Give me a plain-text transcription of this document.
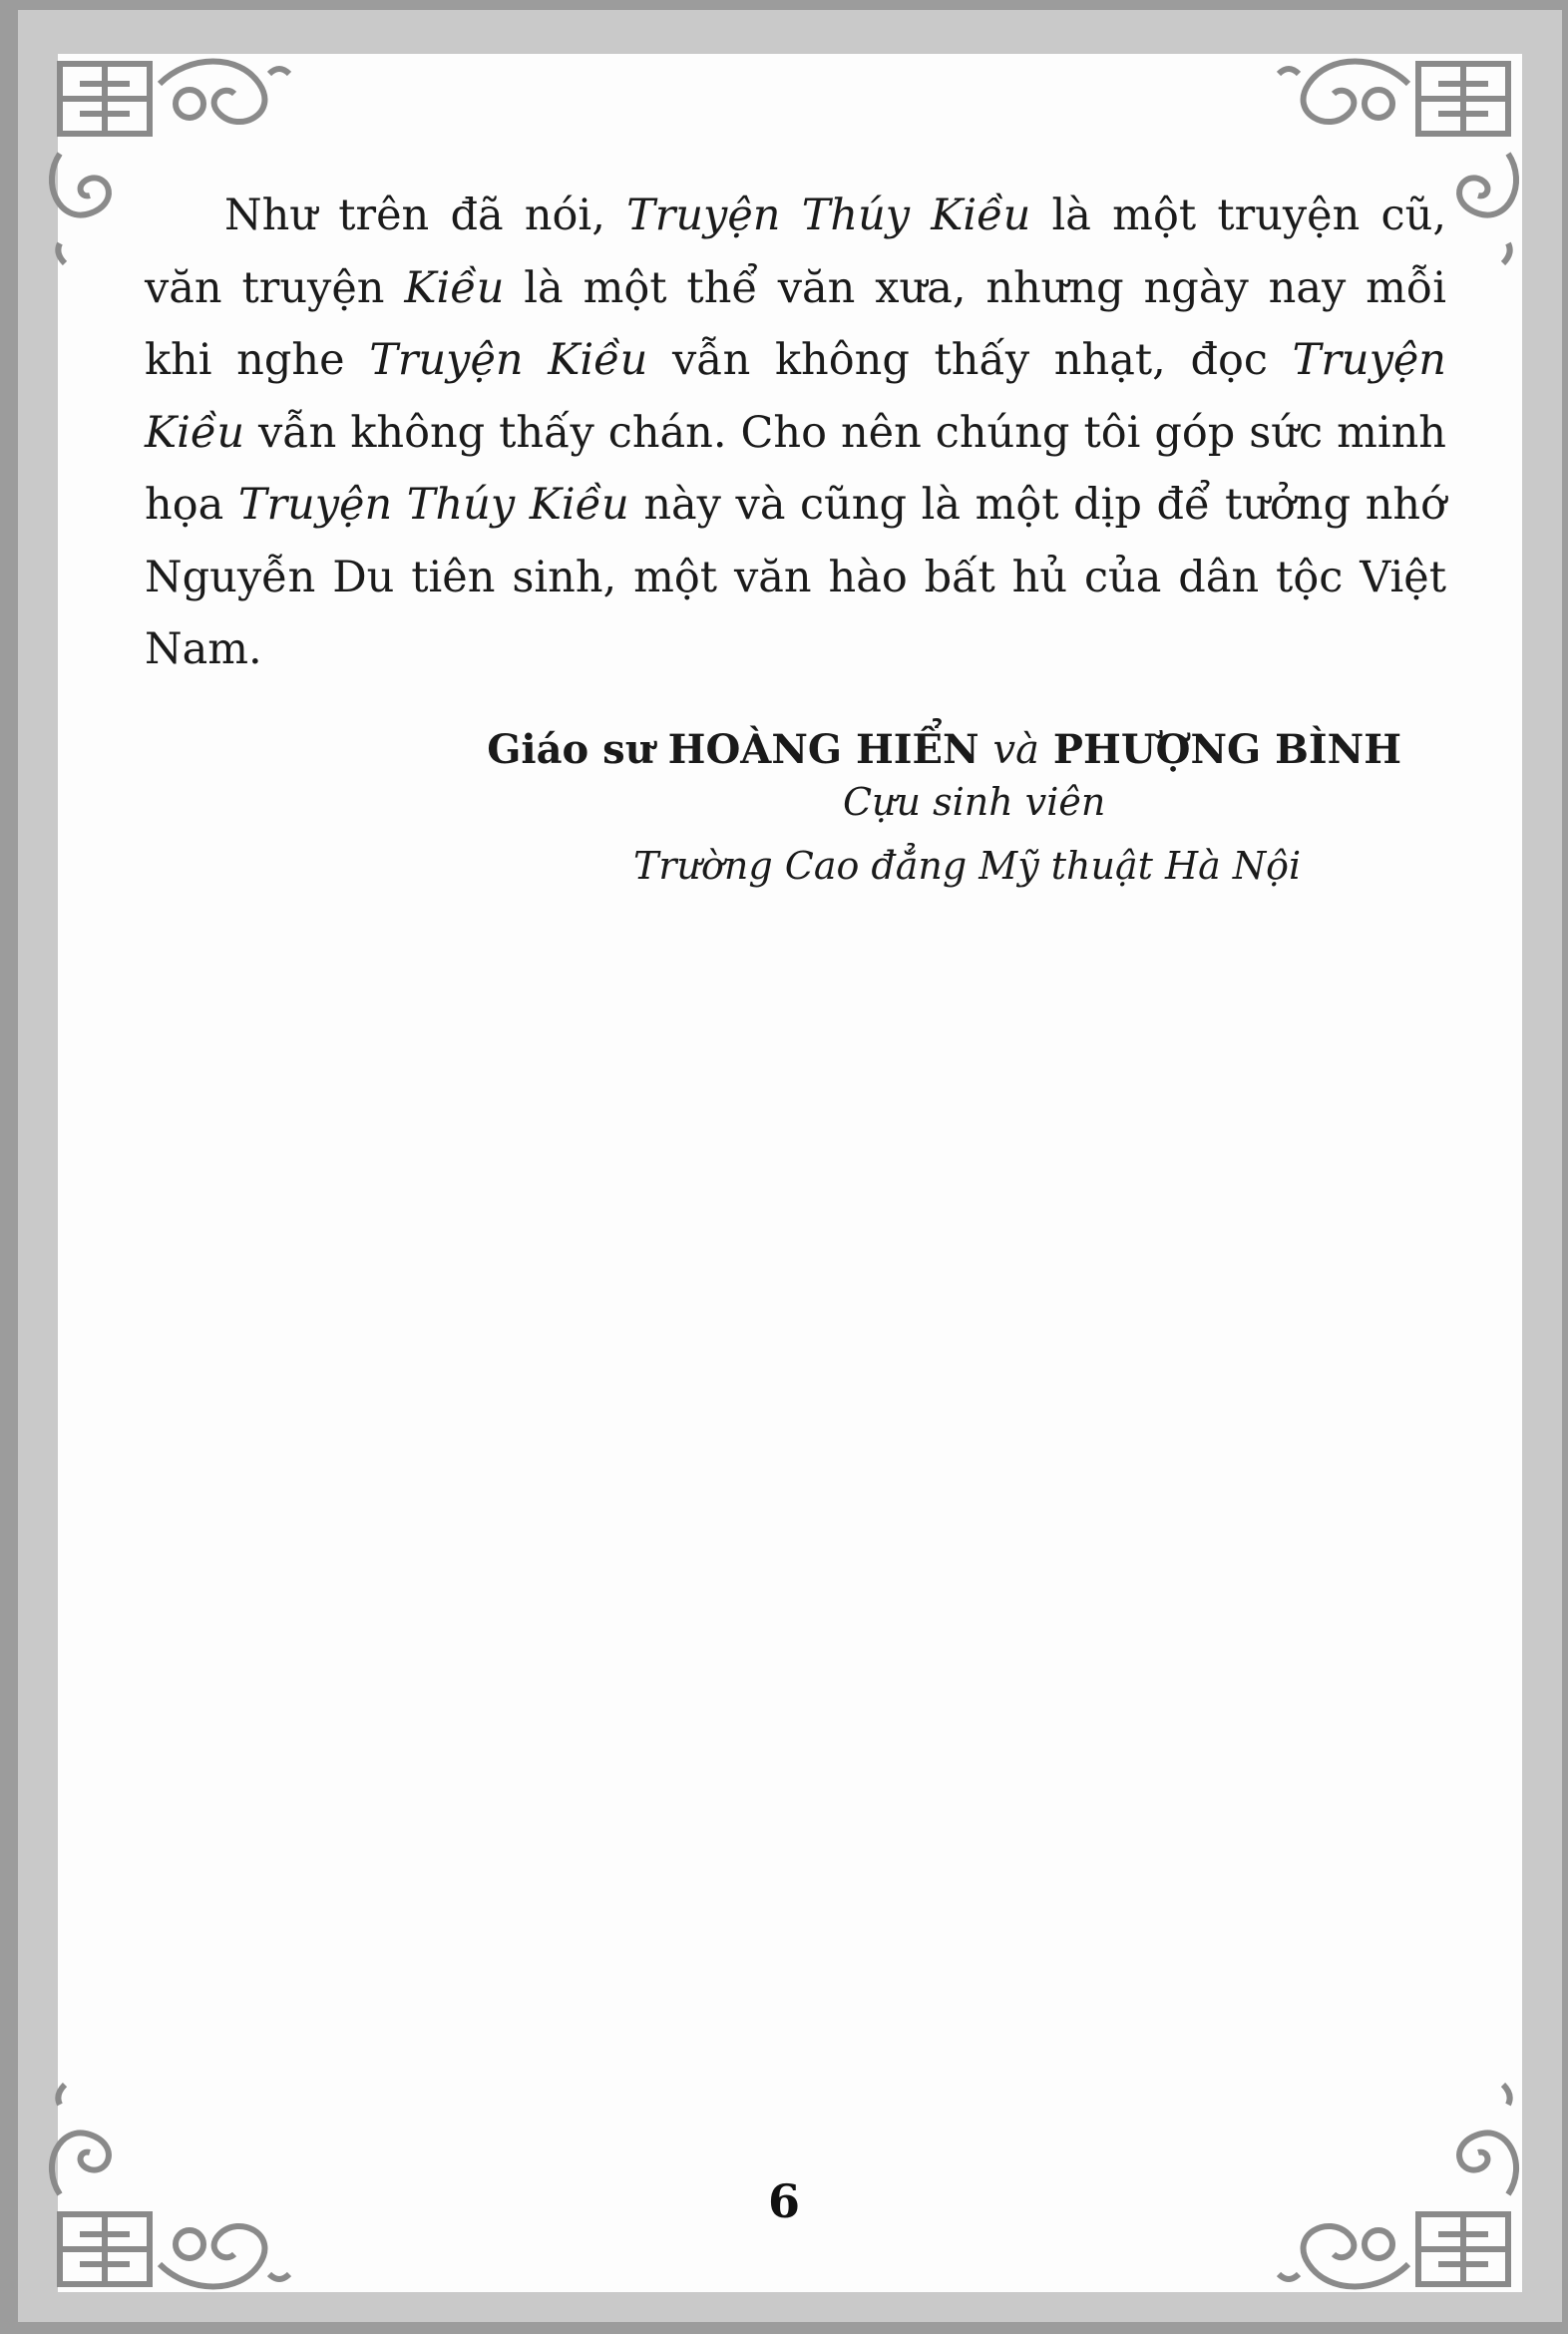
Như trên đã nói, Truyện Thúy Kiều là một truyện cũ, văn truyện Kiều là một thể văn xưa, nhưng ngày nay mỗi khi nghe Truyện Kiều vẫn không thấy nhạt, đọc Truyện Kiều vẫn không thấy chán. Cho nên chúng tôi góp sức minh họa Truyện Thúy Kiều này và cũng là một dịp để tưởng nhớ Nguyễn Du tiên sinh, một văn hào bất hủ của dân tộc Việt Nam.

Giáo sư HOÀNG HIỂN và PHƯỢNG BÌNH
Cựu sinh viên
Trường Cao đẳng Mỹ thuật Hà Nội
6
